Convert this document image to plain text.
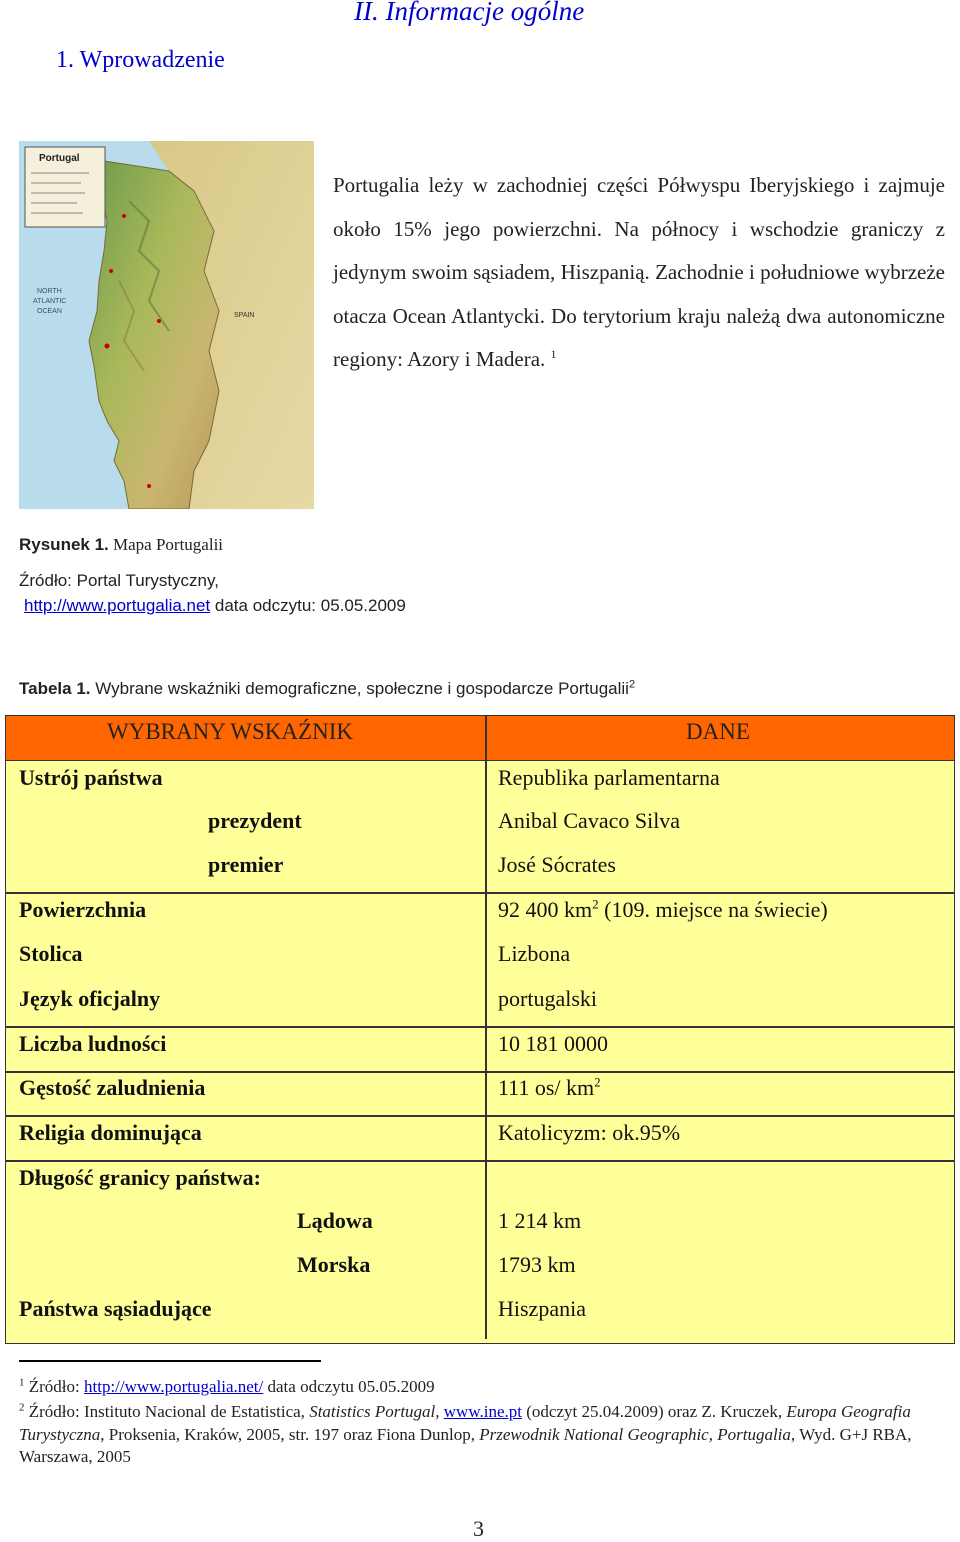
II. Informacje ogólne
1. Wprowadzenie
Portugal
SPAIN
NORTH
ATLANTIC
OCEAN
Portugalia leży w zachodniej części Półwyspu Iberyjskiego i zajmuje około 15% jego powierzchni. Na północy i wschodzie graniczy z jedynym swoim sąsiadem, Hiszpanią. Zachodnie i południowe wybrzeże otacza Ocean Atlantycki. Do terytorium kraju należą dwa autonomiczne regiony: Azory i Madera. $^1$
Rysunek 1. Mapa Portugalii
Źródło: Portal Turystyczny,
http://www.portugalia.net data odczytu: 05.05.2009
Tabela 1. Wybrane wskaźniki demograficzne, społeczne i gospodarcze Portugalii$^2$
WYBRANY WSKAŹNIK	DANE
Ustrój państwa	Republika parlamentarna
prezydent	Anibal Cavaco Silva
premier	José Sócrates
Powierzchnia	92 400 $km^2$ (109. miejsce na świecie)
Stolica	Lizbona
Język oficjalny	portugalski
Liczba ludności	10 181 0000
Gęstość zaludnienia	111 os/ $km^2$
Religia dominująca	Katolicyzm: ok.95%
Długość granicy państwa:
Lądowa	1 214 km
Morska	1793 km
Państwa sąsiadujące	Hiszpania
$^1$ Źródło: http://www.portugalia.net/ data odczytu 05.05.2009
$^2$ Źródło: Instituto Nacional de Estatistica, Statistics Portugal, www.ine.pt (odczyt 25.04.2009) oraz Z. Kruczek, Europa Geografia Turystyczna, Proksenia, Kraków, 2005, str. 197 oraz Fiona Dunlop, Przewodnik National Geographic, Portugalia, Wyd. G+J RBA, Warszawa, 2005
3
